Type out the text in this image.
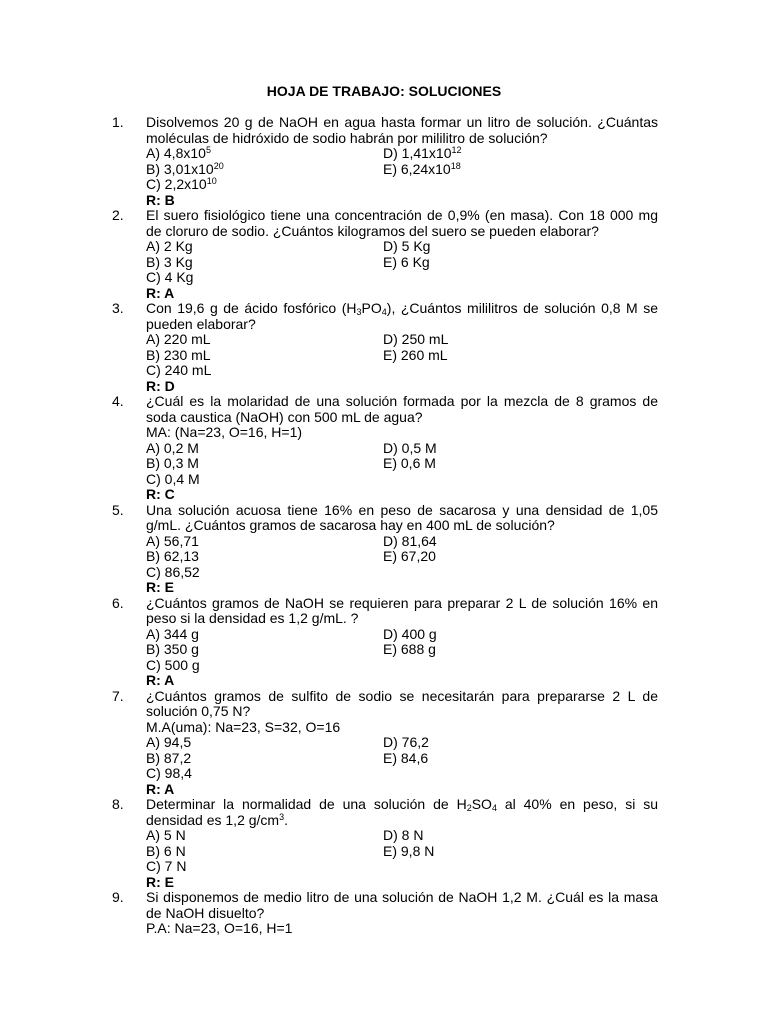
HOJA DE TRABAJO: SOLUCIONES
1. Disolvemos 20 g de NaOH en agua hasta formar un litro de solución. ¿Cuántas moléculas de hidróxido de sodio habrán por mililitro de solución?
A) $4,8x10^5$	D) $1,41x10^{12}$
B) $3,01x10^{20}$	E) $6,24x10^{18}$
C) $2,2x10^{10}$
R: B
2. El suero fisiológico tiene una concentración de 0,9% (en masa). Con 18 000 mg de cloruro de sodio. ¿Cuántos kilogramos del suero se pueden elaborar?
A) 2 Kg	D) 5 Kg
B) 3 Kg	E) 6 Kg
C) 4 Kg
R: A
3. Con 19,6 g de ácido fosfórico $(H_3PO_4)$, ¿Cuántos mililitros de solución 0,8 M se pueden elaborar?
A) 220 mL	D) 250 mL
B) 230 mL	E) 260 mL
C) 240 mL
R: D
4. ¿Cuál es la molaridad de una solución formada por la mezcla de 8 gramos de soda caustica (NaOH) con 500 mL de agua?
MA: (Na=23, O=16, H=1)
A) 0,2 M	D) 0,5 M
B) 0,3 M	E) 0,6 M
C) 0,4 M
R: C
5. Una solución acuosa tiene 16% en peso de sacarosa y una densidad de 1,05 g/mL. ¿Cuántos gramos de sacarosa hay en 400 mL de solución?
A) 56,71	D) 81,64
B) 62,13	E) 67,20
C) 86,52
R: E
6. ¿Cuántos gramos de NaOH se requieren para preparar 2 L de solución 16% en peso si la densidad es 1,2 g/mL. ?
A) 344 g	D) 400 g
B) 350 g	E) 688 g
C) 500 g
R: A
7. ¿Cuántos gramos de sulfito de sodio se necesitarán para prepararse 2 L de solución 0,75 N?
M.A(uma): Na=23, S=32, O=16
A) 94,5	D) 76,2
B) 87,2	E) 84,6
C) 98,4
R: A
8. Determinar la normalidad de una solución de $H_2SO_4$ al 40% en peso, si su densidad es 1,2 $g/cm^3$.
A) 5 N	D) 8 N
B) 6 N	E) 9,8 N
C) 7 N
R: E
9. Si disponemos de medio litro de una solución de NaOH 1,2 M. ¿Cuál es la masa de NaOH disuelto?
P.A: Na=23, O=16, H=1
